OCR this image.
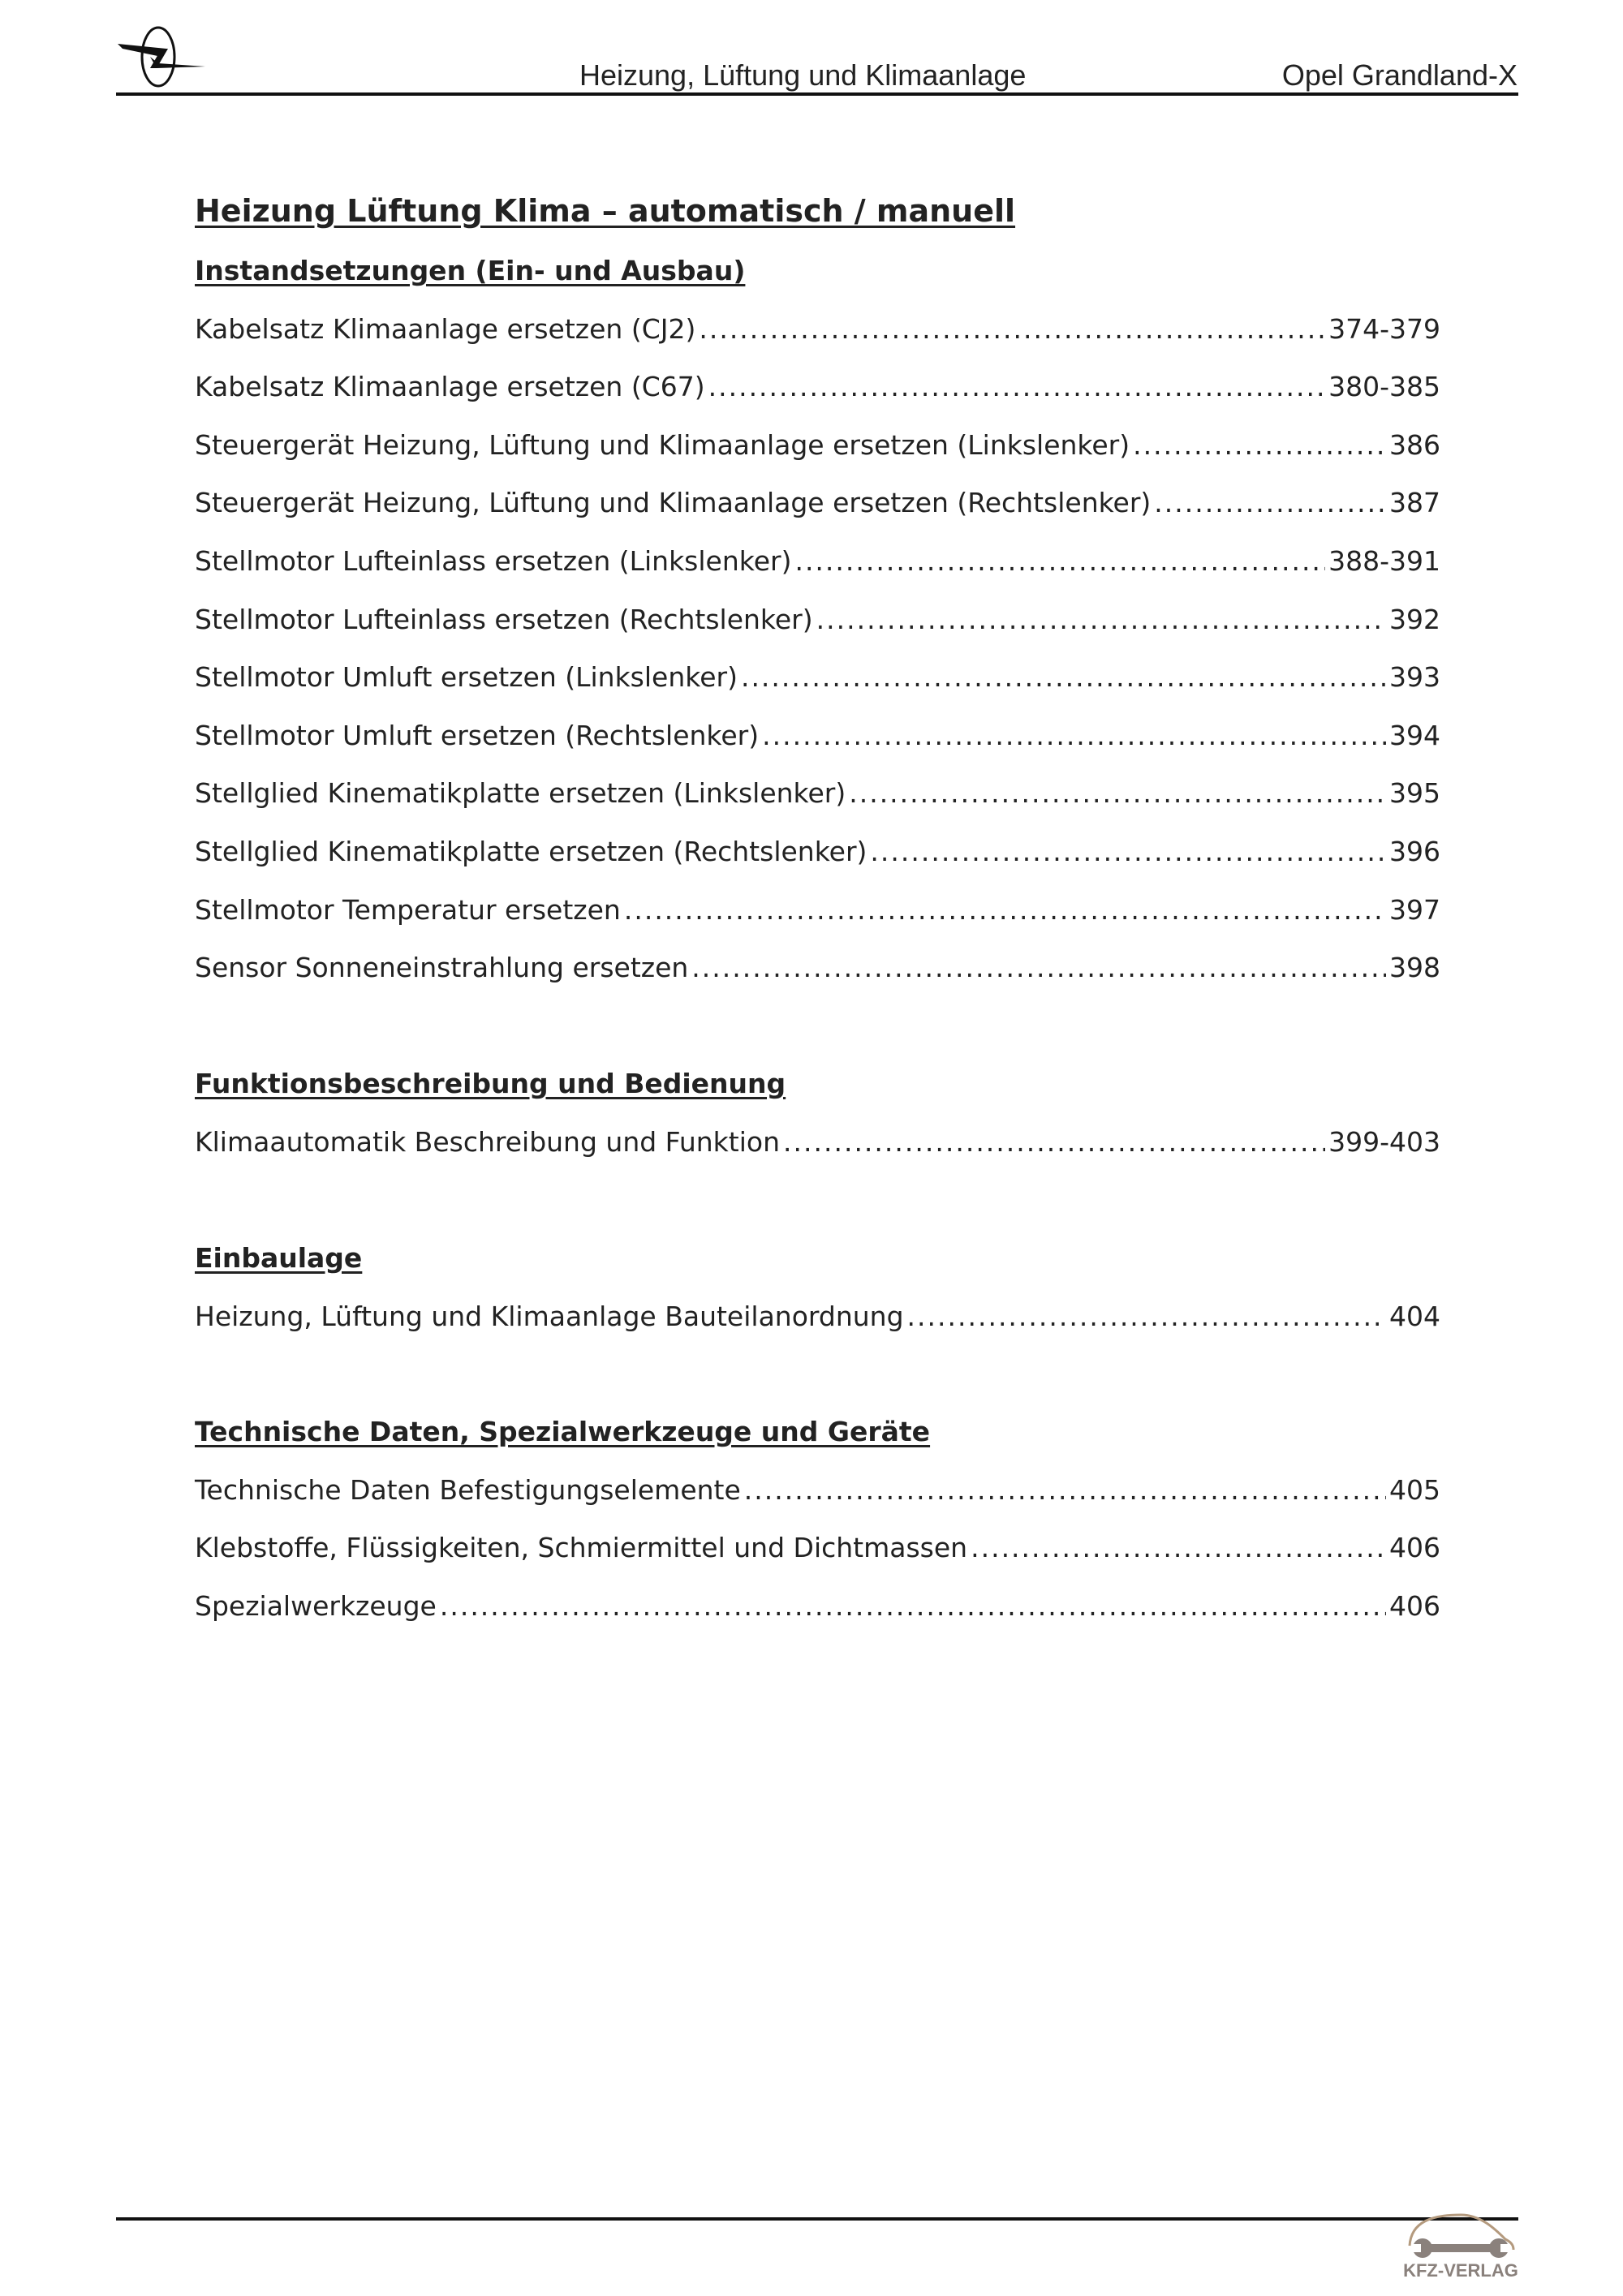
Heizung, Lüftung und Klimaanlage	Opel Grandland-X
Heizung Lüftung Klima – automatisch / manuell
Instandsetzungen (Ein- und Ausbau)
Kabelsatz Klimaanlage ersetzen (CJ2) .....	374-379
Kabelsatz Klimaanlage ersetzen (C67) .....	380-385
Steuergerät Heizung, Lüftung und Klimaanlage ersetzen (Linkslenker) .....	386
Steuergerät Heizung, Lüftung und Klimaanlage ersetzen (Rechtslenker) .....	387
Stellmotor Lufteinlass ersetzen (Linkslenker) .....	388-391
Stellmotor Lufteinlass ersetzen (Rechtslenker) .....	392
Stellmotor Umluft ersetzen (Linkslenker) .....	393
Stellmotor Umluft ersetzen (Rechtslenker) .....	394
Stellglied Kinematikplatte ersetzen (Linkslenker) .....	395
Stellglied Kinematikplatte ersetzen (Rechtslenker) .....	396
Stellmotor Temperatur ersetzen .....	397
Sensor Sonneneinstrahlung ersetzen .....	398
Funktionsbeschreibung und Bedienung
Klimaautomatik Beschreibung und Funktion .....	399-403
Einbaulage
Heizung, Lüftung und Klimaanlage Bauteilanordnung .....	404
Technische Daten, Spezialwerkzeuge und Geräte
Technische Daten Befestigungselemente .....	405
Klebstoffe, Flüssigkeiten, Schmiermittel und Dichtmassen .....	406
Spezialwerkzeuge .....	406
KFZ-VERLAG
